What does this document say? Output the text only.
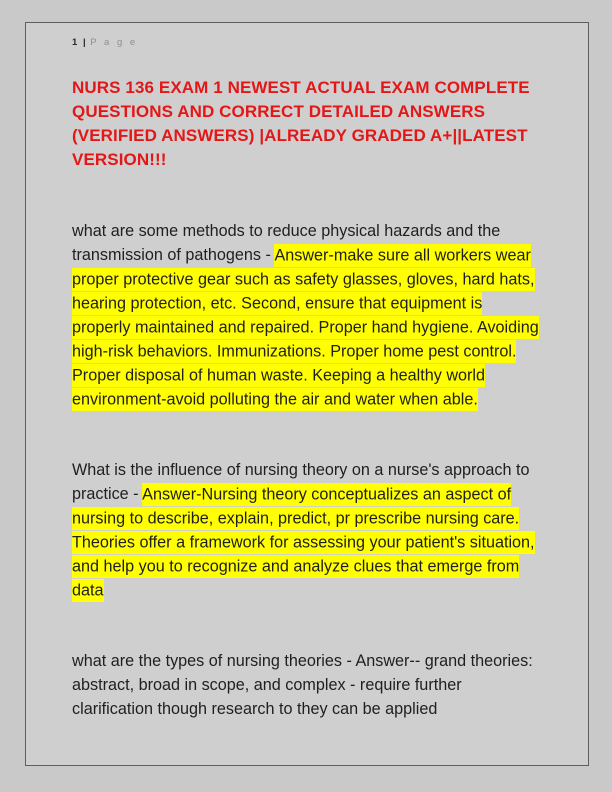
1 | P a g e
NURS 136 EXAM 1 NEWEST ACTUAL EXAM COMPLETE QUESTIONS AND CORRECT DETAILED ANSWERS (VERIFIED ANSWERS) |ALREADY GRADED A+||LATEST VERSION!!!

what are some methods to reduce physical hazards and the transmission of pathogens - Answer-make sure all workers wear proper protective gear such as safety glasses, gloves, hard hats, hearing protection, etc. Second, ensure that equipment is properly maintained and repaired. Proper hand hygiene. Avoiding high-risk behaviors. Immunizations. Proper home pest control. Proper disposal of human waste. Keeping a healthy world environment-avoid polluting the air and water when able.

What is the influence of nursing theory on a nurse's approach to practice - Answer-Nursing theory conceptualizes an aspect of nursing to describe, explain, predict, pr prescribe nursing care. Theories offer a framework for assessing your patient's situation, and help you to recognize and analyze clues that emerge from data

what are the types of nursing theories - Answer-- grand theories: abstract, broad in scope, and complex - require further clarification though research to they can be applied
